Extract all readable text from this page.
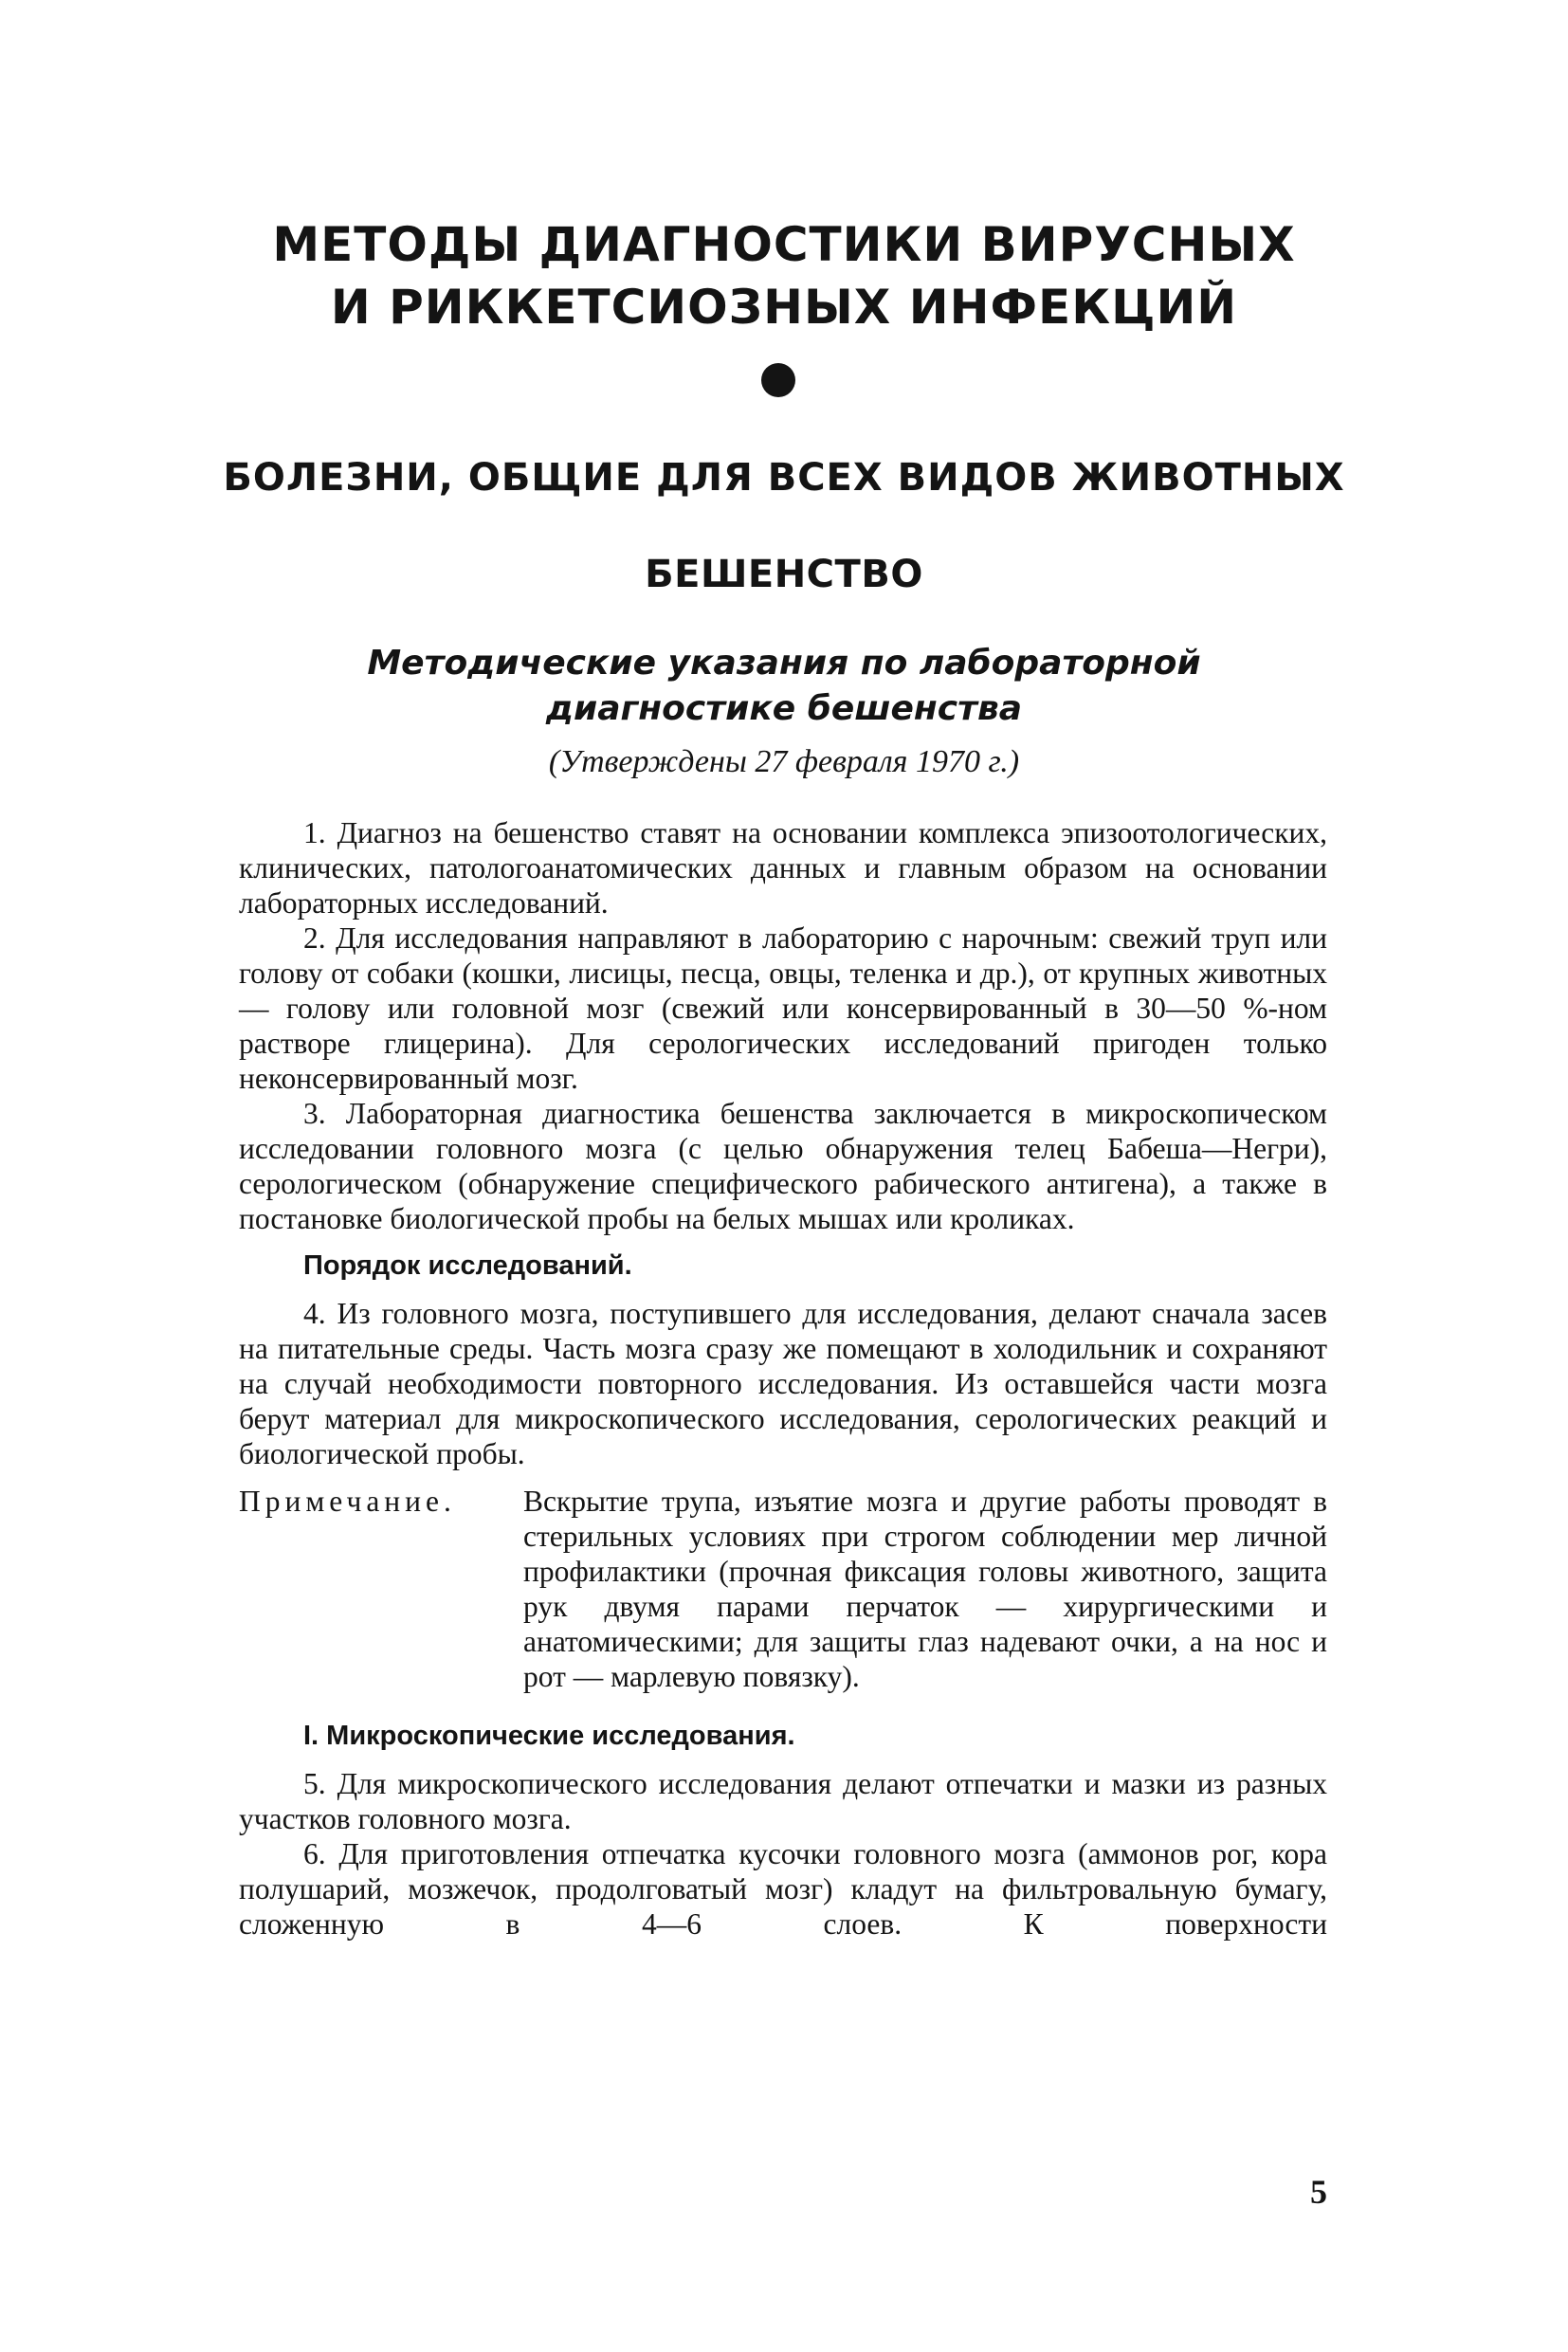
МЕТОДЫ ДИАГНОСТИКИ ВИРУСНЫХ
И РИККЕТСИОЗНЫХ ИНФЕКЦИЙ
БОЛЕЗНИ, ОБЩИЕ ДЛЯ ВСЕХ ВИДОВ ЖИВОТНЫХ
БЕШЕНСТВО
Методические указания по лабораторной
диагностике бешенства

(Утверждены 27 февраля 1970 г.)

1. Диагноз на бешенство ставят на основании комплекса эпизоотологических, клинических, патологоанатомических данных и главным образом на основании лабораторных исследований.

2. Для исследования направляют в лабораторию с нарочным: свежий труп или голову от собаки (кошки, лисицы, песца, овцы, теленка и др.), от крупных животных — голову или головной мозг (свежий или консервированный в 30—50 %-ном растворе глицерина). Для серологических исследований пригоден только неконсервированный мозг.

3. Лабораторная диагностика бешенства заключается в микроскопическом исследовании головного мозга (с целью обнаружения телец Бабеша—Негри), серологическом (обнаружение специфического рабического антигена), а также в постановке биологической пробы на белых мышах или кроликах.

Порядок исследований.

4. Из головного мозга, поступившего для исследования, делают сначала засев на питательные среды. Часть мозга сразу же помещают в холодильник и сохраняют на случай необходимости повторного исследования. Из оставшейся части мозга берут материал для микроскопического исследования, серологических реакций и биологической пробы.

Примечание.	Вскрытие трупа, изъятие мозга и другие работы проводят в стерильных условиях при строгом соблюдении мер личной профилактики (прочная фиксация головы животного, защита рук двумя парами перчаток — хирургическими и анатомическими; для защиты глаз надевают очки, а на нос и рот — марлевую повязку).

I. Микроскопические исследования.

5. Для микроскопического исследования делают отпечатки и мазки из разных участков головного мозга.

6. Для приготовления отпечатка кусочки головного мозга (аммонов рог, кора полушарий, мозжечок, продолговатый мозг) кладут на фильтровальную бумагу, сложенную в 4—6 слоев. К поверхности

5
